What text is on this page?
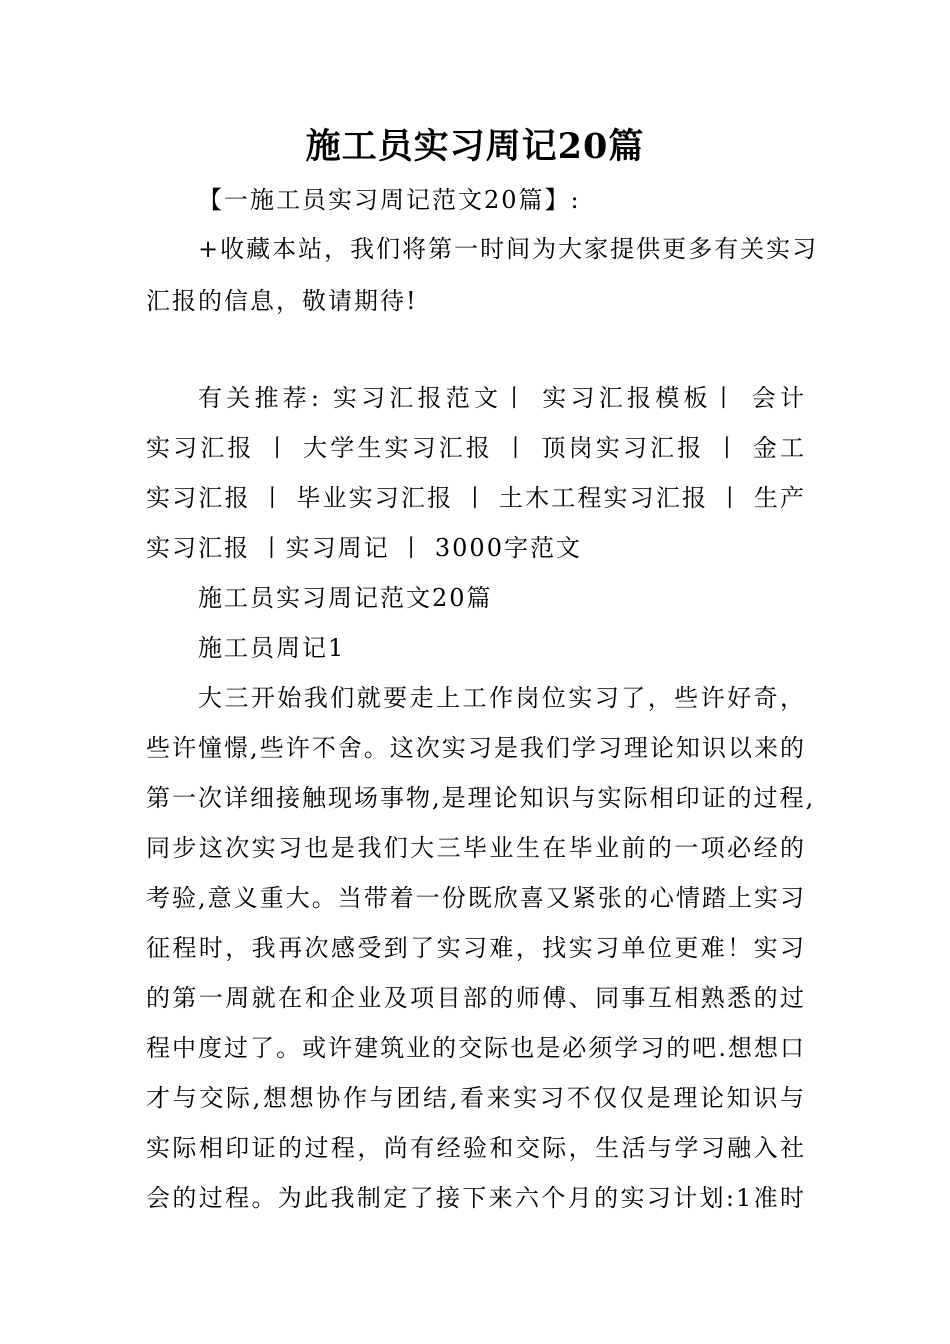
施工员实习周记20篇
【一施工员实习周记范文20篇】:
+收藏本站，我们将第一时间为大家提供更多有关实习
汇报的信息，敬请期待!
有关推荐: 实习汇报范文丨 实习汇报模板丨 会计
实习汇报 丨 大学生实习汇报 丨 顶岗实习汇报 丨 金工
实习汇报 丨 毕业实习汇报 丨 土木工程实习汇报 丨 生产
实习汇报 丨实习周记 丨 3000字范文
施工员实习周记范文20篇
施工员周记1
大三开始我们就要走上工作岗位实习了，些许好奇，
些许憧憬,些许不舍。这次实习是我们学习理论知识以来的
第一次详细接触现场事物,是理论知识与实际相印证的过程,
同步这次实习也是我们大三毕业生在毕业前的一项必经的
考验,意义重大。当带着一份既欣喜又紧张的心情踏上实习
征程时，我再次感受到了实习难，找实习单位更难！实习
的第一周就在和企业及项目部的师傅、同事互相熟悉的过
程中度过了。或许建筑业的交际也是必须学习的吧.想想口
才与交际,想想协作与团结,看来实习不仅仅是理论知识与
实际相印证的过程，尚有经验和交际，生活与学习融入社
会的过程。为此我制定了接下来六个月的实习计划:1准时
